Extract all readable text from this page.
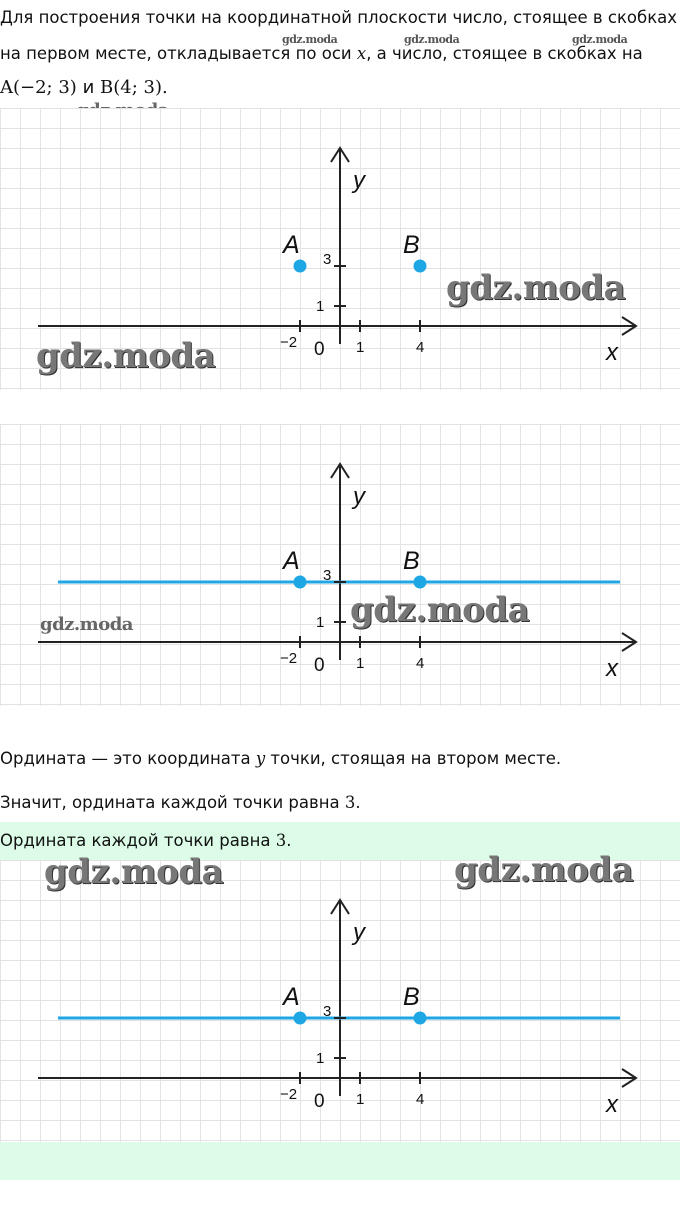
Для построения точки на координатной плоскости число, стоящее в скобках
на первом месте, откладывается по оси x, а число, стоящее в скобках на
A(−2; 3) и B(4; 3).
gdz.moda	gdz.moda	gdz.moda
−2 0 1	4
1
3
x
y
A	B
gdz.moda
gdz.moda
−2 0 1	4
1
3
x
y
A	B
gdz.moda	gdz.moda
Ордината — это координата y точки, стоящая на втором месте.
Значит, ордината каждой точки равна 3.
Ордината каждой точки равна 3.
−2 0 1	4
1
3
x
y
A	B
gdz.moda	gdz.moda
